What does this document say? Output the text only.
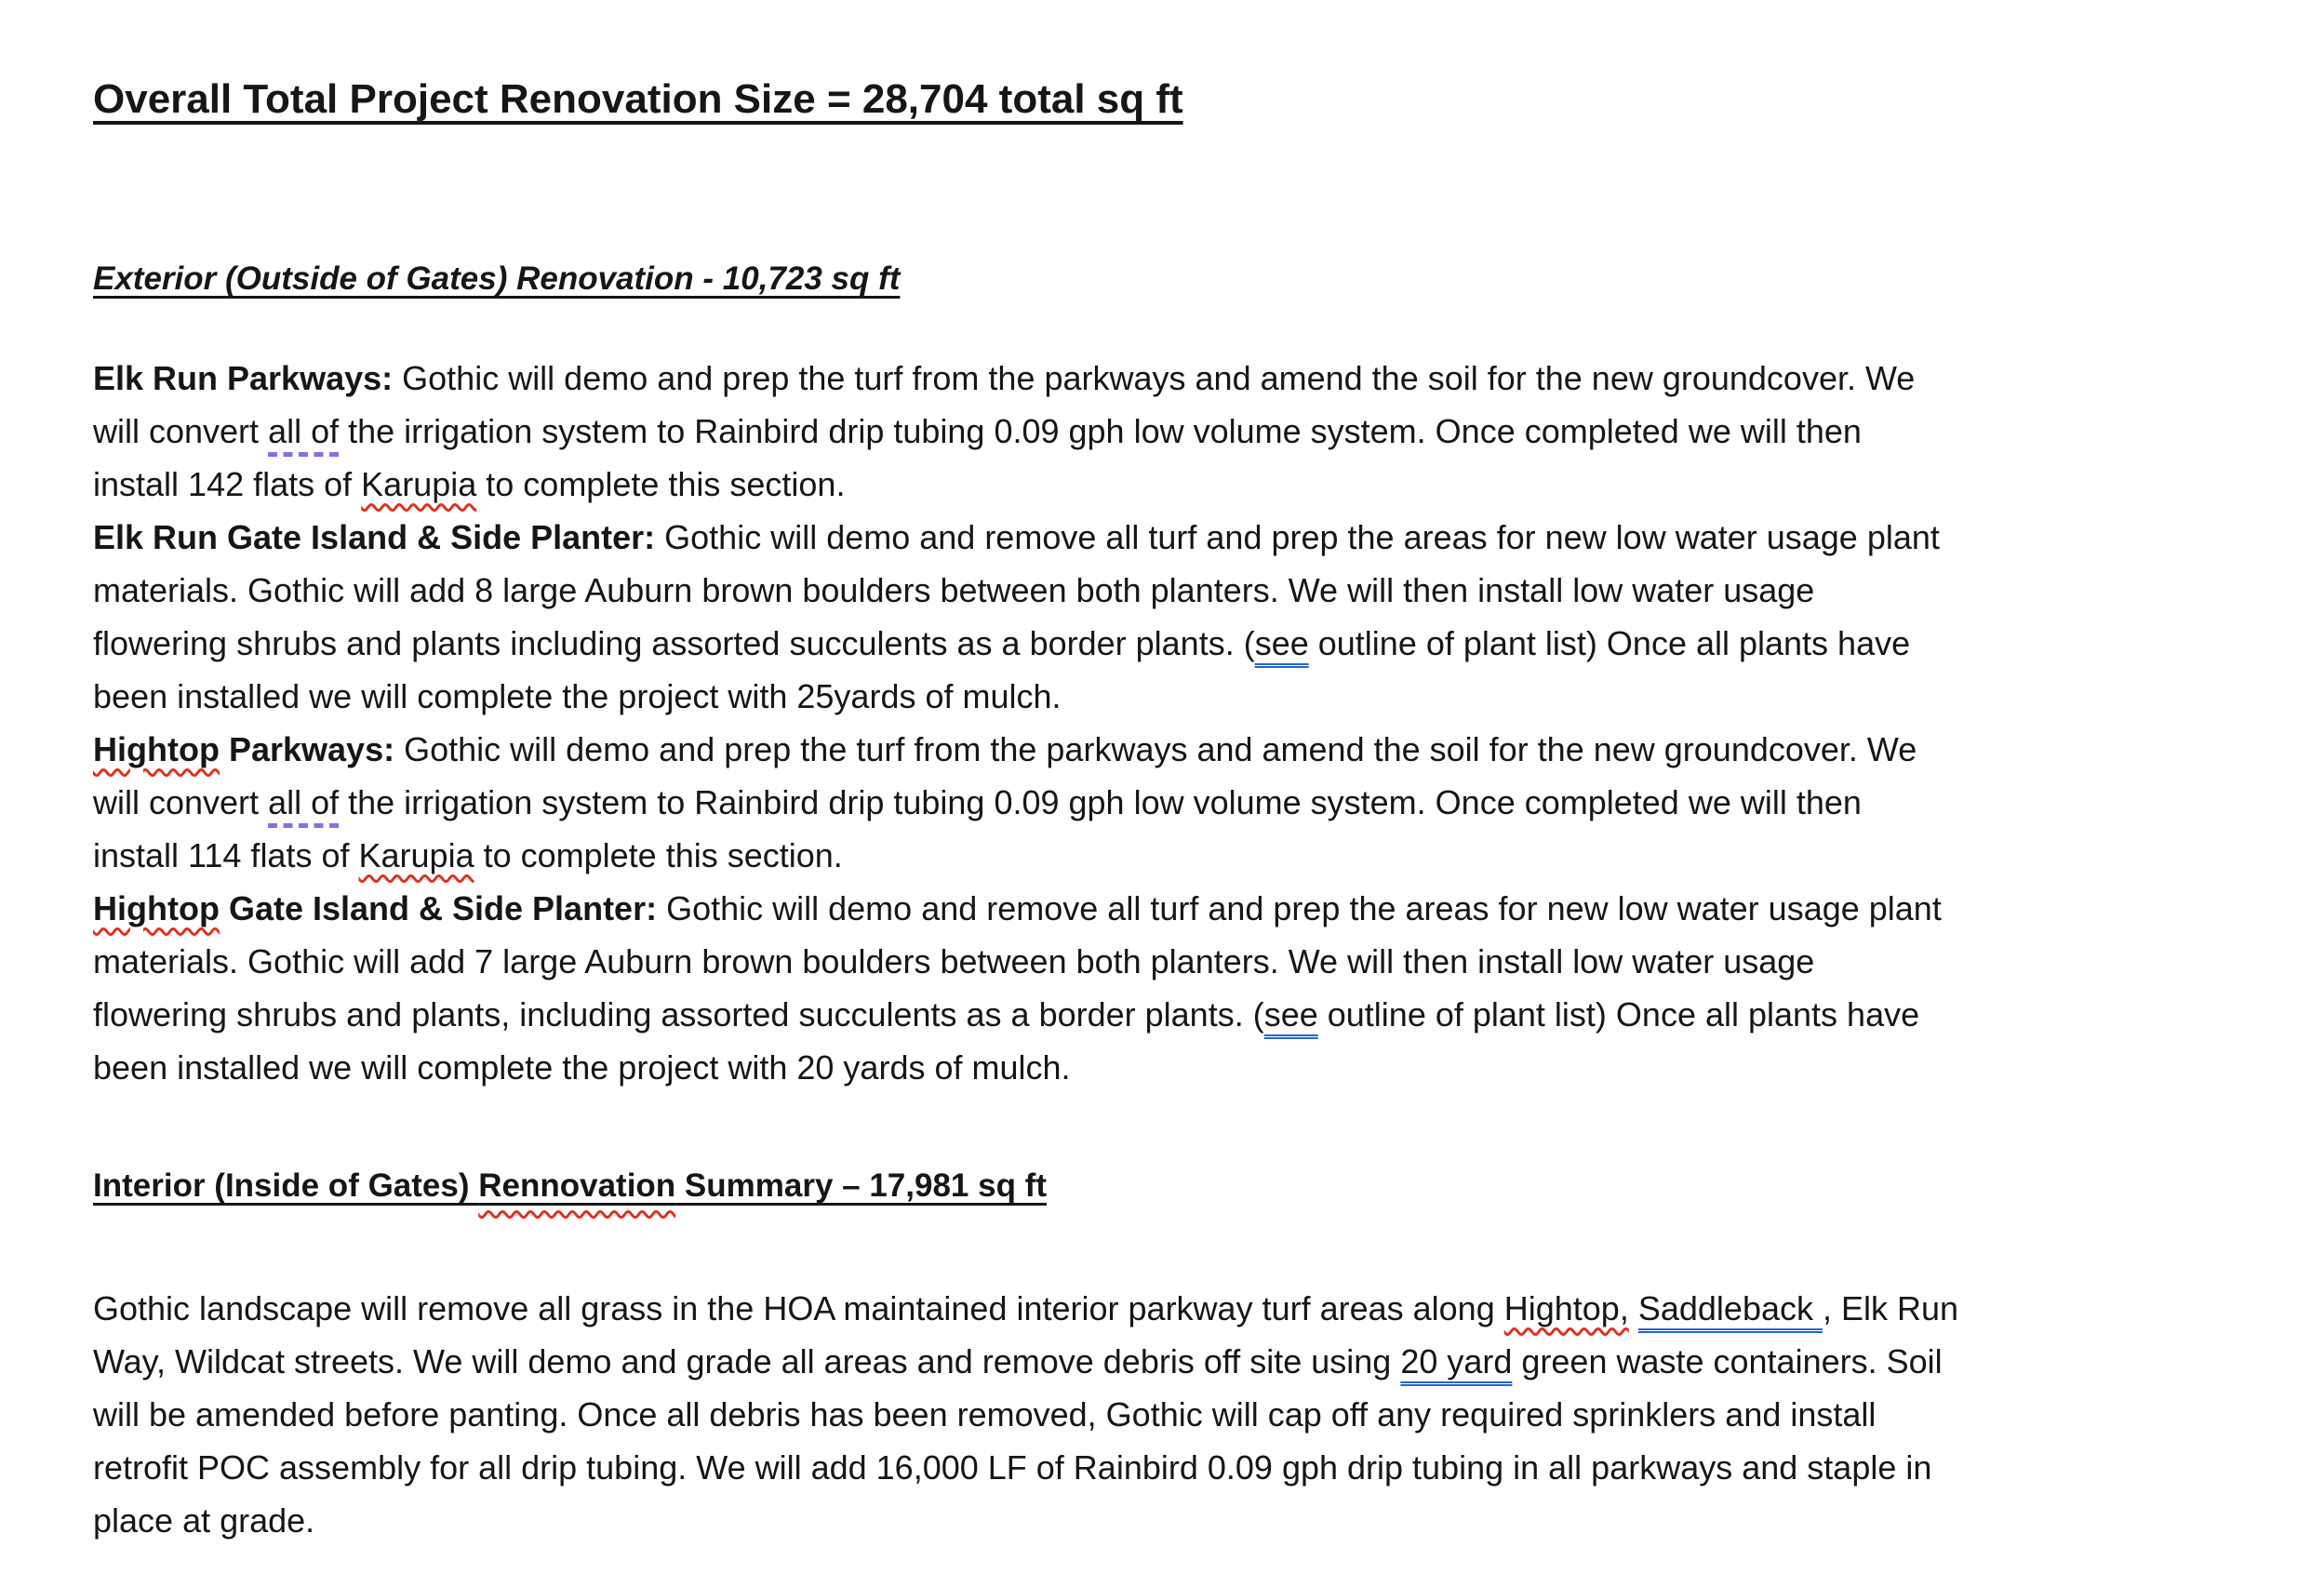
Overall Total Project Renovation Size = 28,704 total sq ft
Exterior (Outside of Gates) Renovation - 10,723 sq ft
Elk Run Parkways: Gothic will demo and prep the turf from the parkways and amend the soil for the new groundcover. We
will convert all of the irrigation system to Rainbird drip tubing 0.09 gph low volume system. Once completed we will then
install 142 flats of Karupia to complete this section.
Elk Run Gate Island & Side Planter: Gothic will demo and remove all turf and prep the areas for new low water usage plant
materials. Gothic will add 8 large Auburn brown boulders between both planters. We will then install low water usage
flowering shrubs and plants including assorted succulents as a border plants. (see outline of plant list) Once all plants have
been installed we will complete the project with 25yards of mulch.
Hightop Parkways: Gothic will demo and prep the turf from the parkways and amend the soil for the new groundcover. We
will convert all of the irrigation system to Rainbird drip tubing 0.09 gph low volume system. Once completed we will then
install 114 flats of Karupia to complete this section.
Hightop Gate Island & Side Planter: Gothic will demo and remove all turf and prep the areas for new low water usage plant
materials. Gothic will add 7 large Auburn brown boulders between both planters. We will then install low water usage
flowering shrubs and plants, including assorted succulents as a border plants. (see outline of plant list) Once all plants have
been installed we will complete the project with 20 yards of mulch.
Interior (Inside of Gates) Rennovation Summary – 17,981 sq ft
Gothic landscape will remove all grass in the HOA maintained interior parkway turf areas along Hightop, Saddleback , Elk Run
Way, Wildcat streets. We will demo and grade all areas and remove debris off site using 20 yard green waste containers. Soil
will be amended before panting. Once all debris has been removed, Gothic will cap off any required sprinklers and install
retrofit POC assembly for all drip tubing. We will add 16,000 LF of Rainbird 0.09 gph drip tubing in all parkways and staple in
place at grade.
